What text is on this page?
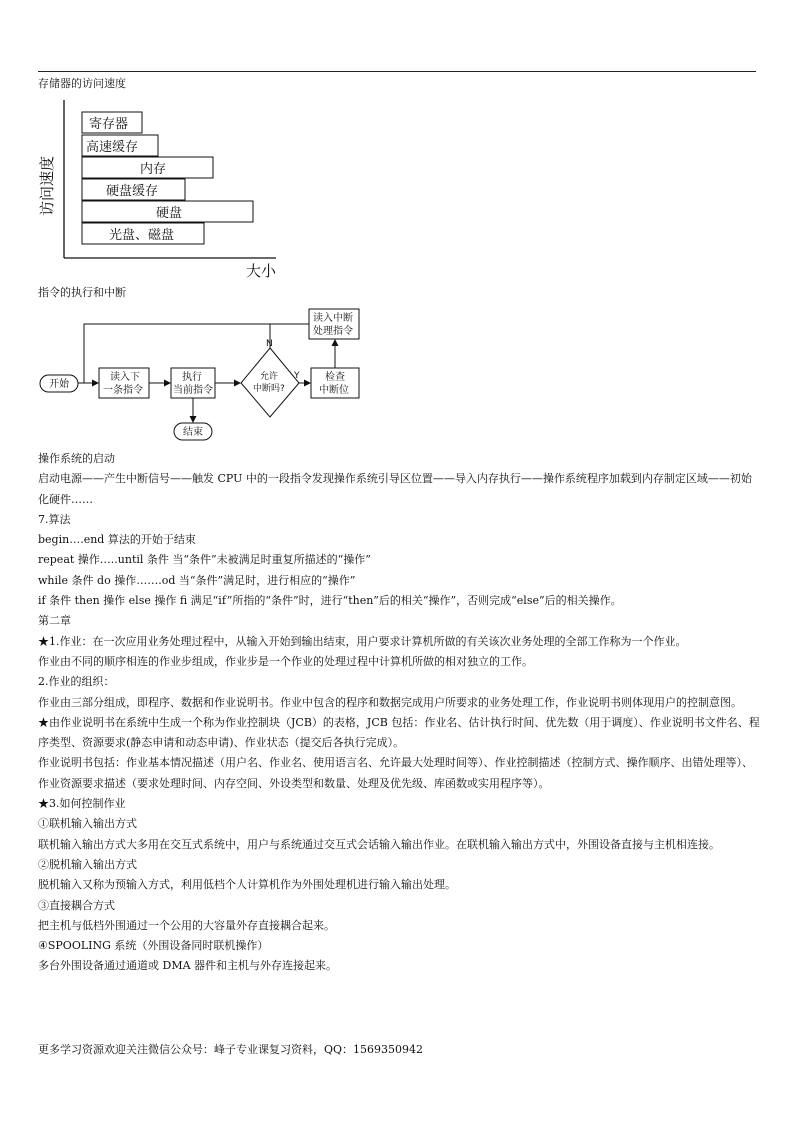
存储器的访问速度
访问速度
大小
寄存器
高速缓存
内存
硬盘缓存
硬盘
光盘、磁盘
指令的执行和中断
开始
读入下
一条指令
执行
当前指令
允许
中断吗?
检查
中断位
读入中断
处理指令
结束
N
Y

操作系统的启动

启动电源——产生中断信号——触发 CPU 中的一段指令发现操作系统引导区位置——导入内存执行——操作系统程序加载到内存制定区域——初始化硬件……

7.算法

begin….end 算法的开始于结束

repeat 操作…..until 条件 当“条件”未被满足时重复所描述的“操作”

while 条件 do 操作…….od 当“条件”满足时，进行相应的“操作”

if 条件 then 操作 else 操作 fi 满足“if”所指的“条件”时，进行“then”后的相关“操作”，否则完成“else”后的相关操作。

第二章

★1.作业：在一次应用业务处理过程中，从输入开始到输出结束，用户要求计算机所做的有关该次业务处理的全部工作称为一个作业。

作业由不同的顺序相连的作业步组成，作业步是一个作业的处理过程中计算机所做的相对独立的工作。

2.作业的组织：

作业由三部分组成，即程序、数据和作业说明书。作业中包含的程序和数据完成用户所要求的业务处理工作，作业说明书则体现用户的控制意图。

★由作业说明书在系统中生成一个称为作业控制块（JCB）的表格，JCB 包括：作业名、估计执行时间、优先数（用于调度）、作业说明书文件名、程序类型、资源要求(静态申请和动态申请)、作业状态（提交后各执行完成）。

作业说明书包括：作业基本情况描述（用户名、作业名、使用语言名、允许最大处理时间等）、作业控制描述（控制方式、操作顺序、出错处理等）、作业资源要求描述（要求处理时间、内存空间、外设类型和数量、处理及优先级、库函数或实用程序等）。

★3.如何控制作业

①联机输入输出方式

联机输入输出方式大多用在交互式系统中，用户与系统通过交互式会话输入输出作业。在联机输入输出方式中，外围设备直接与主机相连接。

②脱机输入输出方式

脱机输入又称为预输入方式，利用低档个人计算机作为外围处理机进行输入输出处理。

③直接耦合方式

把主机与低档外围通过一个公用的大容量外存直接耦合起来。

④SPOOLING 系统（外围设备同时联机操作）

多台外围设备通过通道或 DMA 器件和主机与外存连接起来。

更多学习资源欢迎关注微信公众号：峰子专业课复习资料，QQ：1569350942
